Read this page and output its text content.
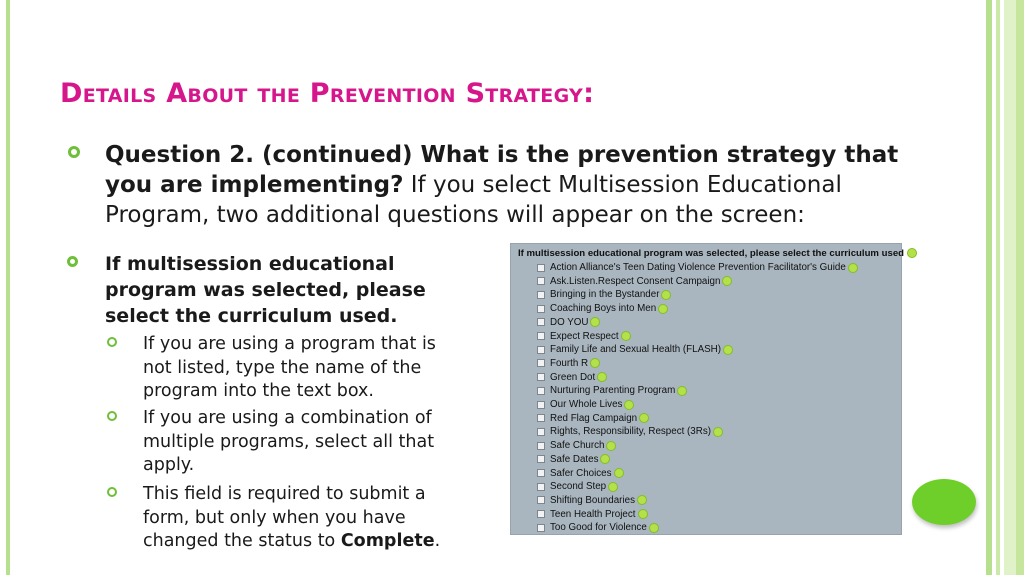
Details About the Prevention Strategy:
Question 2. (continued) What is the prevention strategy that you are implementing? If you select Multisession Educational Program, two additional questions will appear on the screen:
If multisession educational program was selected, please select the curriculum used.
If you are using a program that is not listed, type the name of the program into the text box.
If you are using a combination of multiple programs, select all that apply.
This field is required to submit a form, but only when you have changed the status to Complete.
If multisession educational program was selected, please select the curriculum used
Action Alliance's Teen Dating Violence Prevention Facilitator's Guide
Ask.Listen.Respect Consent Campaign
Bringing in the Bystander
Coaching Boys into Men
DO YOU
Expect Respect
Family Life and Sexual Health (FLASH)
Fourth R
Green Dot
Nurturing Parenting Program
Our Whole Lives
Red Flag Campaign
Rights, Responsibility, Respect (3Rs)
Safe Church
Safe Dates
Safer Choices
Second Step
Shifting Boundaries
Teen Health Project
Too Good for Violence
